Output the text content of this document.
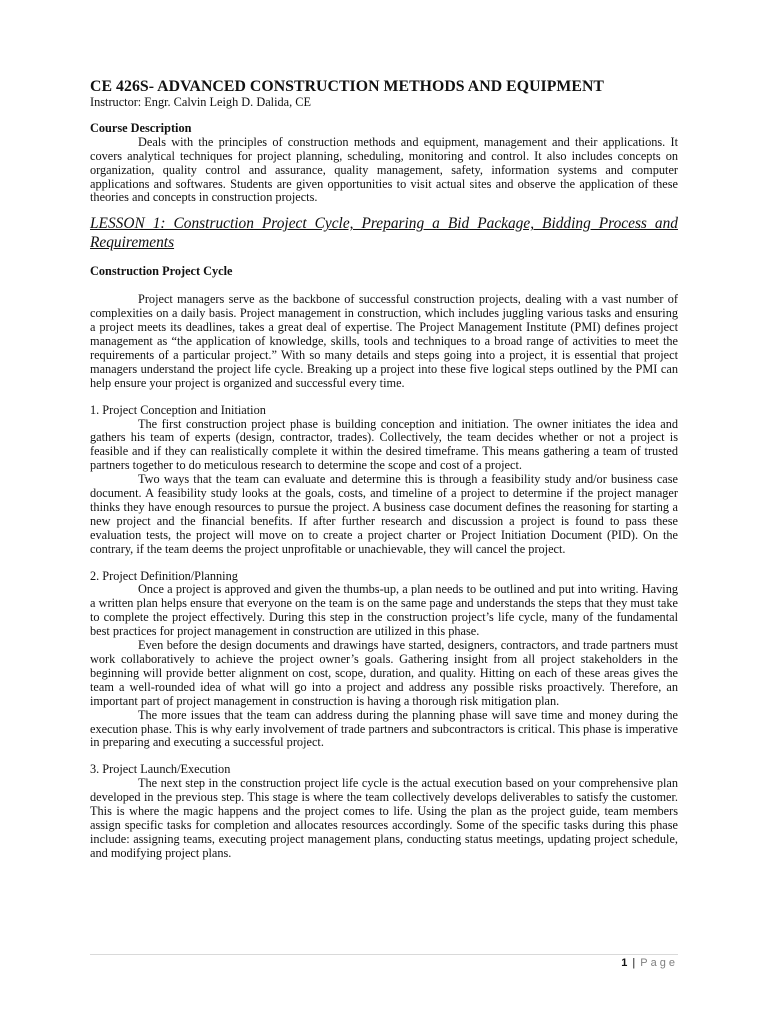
CE 426S- ADVANCED CONSTRUCTION METHODS AND EQUIPMENT
Instructor: Engr. Calvin Leigh D. Dalida, CE
Course Description

Deals with the principles of construction methods and equipment, management and their applications. It covers analytical techniques for project planning, scheduling, monitoring and control. It also includes concepts on organization, quality control and assurance, quality management, safety, information systems and computer applications and softwares. Students are given opportunities to visit actual sites and observe the application of these theories and concepts in construction projects.

LESSON 1: Construction Project Cycle, Preparing a Bid Package, Bidding Process and Requirements
Construction Project Cycle

Project managers serve as the backbone of successful construction projects, dealing with a vast number of complexities on a daily basis. Project management in construction, which includes juggling various tasks and ensuring a project meets its deadlines, takes a great deal of expertise. The Project Management Institute (PMI) defines project management as “the application of knowledge, skills, tools and techniques to a broad range of activities to meet the requirements of a particular project.” With so many details and steps going into a project, it is essential that project managers understand the project life cycle. Breaking up a project into these five logical steps outlined by the PMI can help ensure your project is organized and successful every time.

1. Project Conception and Initiation

The first construction project phase is building conception and initiation. The owner initiates the idea and gathers his team of experts (design, contractor, trades). Collectively, the team decides whether or not a project is feasible and if they can realistically complete it within the desired timeframe. This means gathering a team of trusted partners together to do meticulous research to determine the scope and cost of a project.

Two ways that the team can evaluate and determine this is through a feasibility study and/or business case document. A feasibility study looks at the goals, costs, and timeline of a project to determine if the project manager thinks they have enough resources to pursue the project. A business case document defines the reasoning for starting a new project and the financial benefits. If after further research and discussion a project is found to pass these evaluation tests, the project will move on to create a project charter or Project Initiation Document (PID). On the contrary, if the team deems the project unprofitable or unachievable, they will cancel the project.

2. Project Definition/Planning

Once a project is approved and given the thumbs-up, a plan needs to be outlined and put into writing. Having a written plan helps ensure that everyone on the team is on the same page and understands the steps that they must take to complete the project effectively. During this step in the construction project’s life cycle, many of the fundamental best practices for project management in construction are utilized in this phase.

Even before the design documents and drawings have started, designers, contractors, and trade partners must work collaboratively to achieve the project owner’s goals. Gathering insight from all project stakeholders in the beginning will provide better alignment on cost, scope, duration, and quality. Hitting on each of these areas gives the team a well-rounded idea of what will go into a project and address any possible risks proactively. Therefore, an important part of project management in construction is having a thorough risk mitigation plan.

The more issues that the team can address during the planning phase will save time and money during the execution phase. This is why early involvement of trade partners and subcontractors is critical. This phase is imperative in preparing and executing a successful project.

3. Project Launch/Execution

The next step in the construction project life cycle is the actual execution based on your comprehensive plan developed in the previous step. This stage is where the team collectively develops deliverables to satisfy the customer. This is where the magic happens and the project comes to life. Using the plan as the project guide, team members assign specific tasks for completion and allocates resources accordingly. Some of the specific tasks during this phase include: assigning teams, executing project management plans, conducting status meetings, updating project schedule, and modifying project plans.

1 | Page
